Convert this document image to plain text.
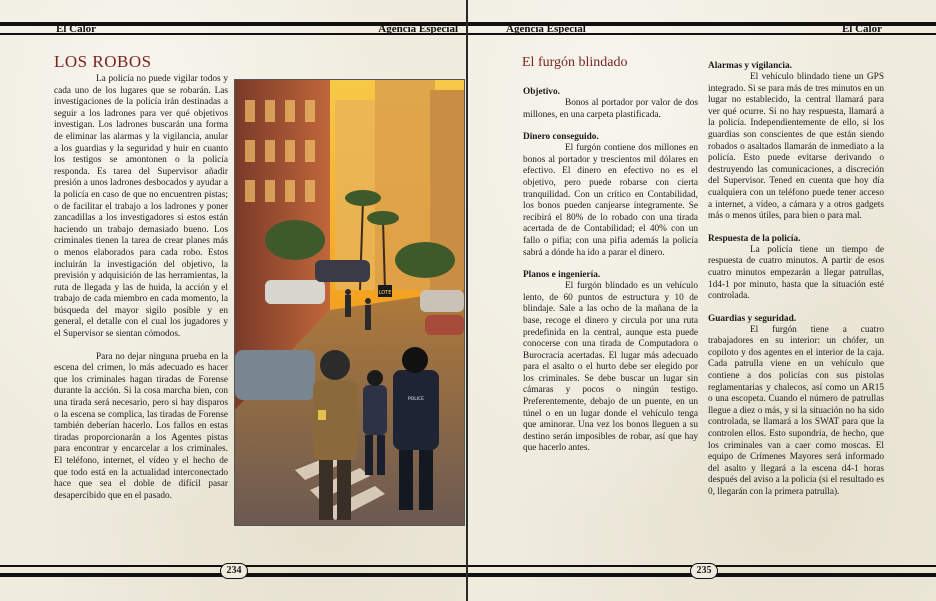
El Calor	Agencia Especial
LOS ROBOS

La policía no puede vigilar todos y cada uno de los lugares que se robarán. Las investigaciones de la policía irán destinadas a seguir a los ladrones para ver qué objetivos investigan. Los ladrones buscarán una forma de eliminar las alarmas y la vigilancia, anular a los guardias y la seguridad y huir en cuanto los testigos se amontonen o la policía responda. Es tarea del Supervisor añadir presión a unos ladrones desbocados y ayudar a la policía en caso de que no encuentren pistas; o de facilitar el trabajo a los ladrones y poner zancadillas a los investigadores si estos están haciendo un trabajo demasiado bueno. Los criminales tienen la tarea de crear planes más o menos elaborados para cada robo. Estos incluirán la investigación del objetivo, la previsión y adquisición de las herramientas, la ruta de llegada y las de huida, la acción y el trabajo de cada miembro en cada momento, la búsqueda del mayor sigilo posible y en general, el detalle con el cual los jugadores y el Supervisor se sientan cómodos.

Para no dejar ninguna prueba en la escena del crimen, lo más adecuado es hacer que los criminales hagan tiradas de Forense durante la acción. Si la cosa marcha bien, con una tirada será necesario, pero si hay disparos o la escena se complica, las tiradas de Forense también deberían hacerlo. Los fallos en estas tiradas proporcionarán a los Agentes pistas para encontrar y encarcelar a los criminales. El teléfono, internet, el vídeo y el hecho de que todo está en la actualidad interconectado hace que sea el doble de difícil pasar desapercibido que en el pasado.

LOTE
POLICE
234
Agencia Especial	El Calor
El furgón blindado

Objetivo.

Bonos al portador por valor de dos millones, en una carpeta plastificada.

Dinero conseguido.

El furgón contiene dos millones en bonos al portador y trescientos mil dólares en efectivo. El dinero en efectivo no es el objetivo, pero puede robarse con cierta tranquilidad. Con un crítico en Contabilidad, los bonos pueden canjearse íntegramente. Se recibirá el 80% de lo robado con una tirada acertada de de Contabilidad; el 40% con un fallo o pifia; con una pifia además la policía sabrá a dónde ha ido a parar el dinero.

Planos e ingeniería.

El furgón blindado es un vehículo lento, de 60 puntos de estructura y 10 de blindaje. Sale a las ocho de la mañana de la base, recoge el dinero y circula por una ruta predefinida en la central, aunque esta puede conocerse con una tirada de Computadora o Burocracia acertadas. El lugar más adecuado para el asalto o el hurto debe ser elegido por los criminales. Se debe buscar un lugar sin cámaras y pocos o ningún testigo. Preferentemente, debajo de un puente, en un túnel o en un lugar donde el vehículo tenga que aminorar. Una vez los bonos lleguen a su destino serán imposibles de robar, así que hay que hacerlo antes.

Alarmas y vigilancia.

El vehículo blindado tiene un GPS integrado. Si se para más de tres minutos en un lugar no establecido, la central llamará para ver qué ocurre. Si no hay respuesta, llamará a la policía. Independientemente de ello, si los guardias son conscientes de que están siendo robados o asaltados llamarán de inmediato a la policía. Esto puede evitarse derivando o destruyendo las comunicaciones, a discreción del Supervisor. Tened en cuenta que hoy día cualquiera con un teléfono puede tener acceso a internet, a vídeo, a cámara y a otros gadgets más o menos útiles, para bien o para mal.

Respuesta de la policía.

La policía tiene un tiempo de respuesta de cuatro minutos. A partir de esos cuatro minutos empezarán a llegar patrullas, 1d4-1 por minuto, hasta que la situación esté controlada.

Guardias y seguridad.

El furgón tiene a cuatro trabajadores en su interior: un chófer, un copiloto y dos agentes en el interior de la caja. Cada patrulla viene en un vehículo que contiene a dos policías con sus pistolas reglamentarias y chalecos, así como un AR15 o una escopeta. Cuando el número de patrullas llegue a diez o más, y si la situación no ha sido controlada, se llamará a los SWAT para que la controlen ellos. Esto supondría, de hecho, que los criminales van a caer como moscas. El equipo de Crímenes Mayores será informado del asalto y llegará a la escena d4-1 horas después del aviso a la policía (si el resultado es 0, llegarán con la primera patrulla).

235
